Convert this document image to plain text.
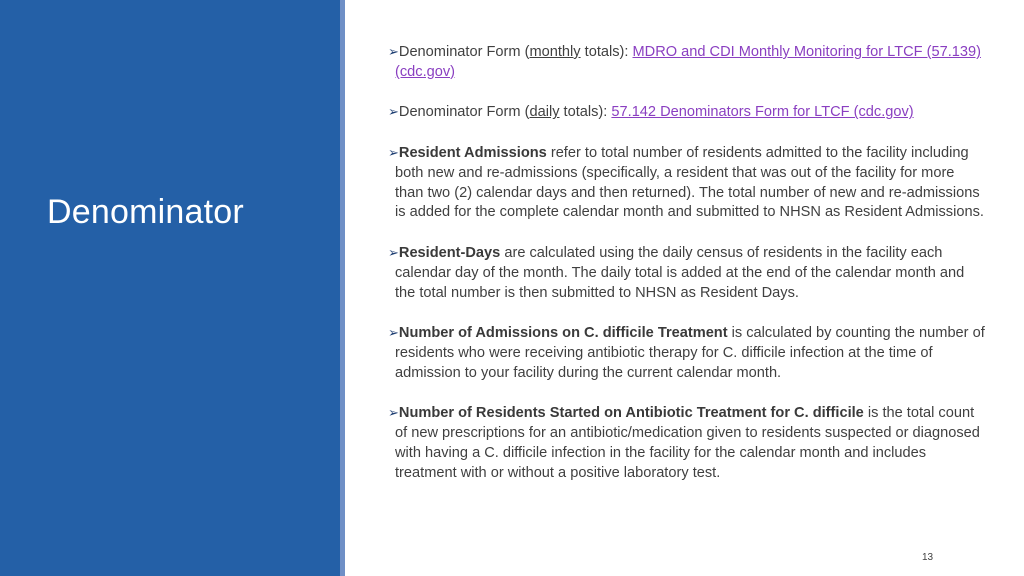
Denominator

➢Denominator Form (monthly totals): MDRO and CDI Monthly Monitoring for LTCF (57.139) (cdc.gov)

➢Denominator Form (daily totals): 57.142 Denominators Form for LTCF (cdc.gov)

➢Resident Admissions refer to total number of residents admitted to the facility including both new and re-admissions (specifically, a resident that was out of the facility for more than two (2) calendar days and then returned). The total number of new and re-admissions is added for the complete calendar month and submitted to NHSN as Resident Admissions.

➢Resident-Days are calculated using the daily census of residents in the facility each calendar day of the month. The daily total is added at the end of the calendar month and the total number is then submitted to NHSN as Resident Days.

➢Number of Admissions on C. difficile Treatment is calculated by counting the number of residents who were receiving antibiotic therapy for C. difficile infection at the time of admission to your facility during the current calendar month.

➢Number of Residents Started on Antibiotic Treatment for C. difficile is the total count of new prescriptions for an antibiotic/medication given to residents suspected or diagnosed with having a C. difficile infection in the facility for the calendar month and includes treatment with or without a positive laboratory test.

13
